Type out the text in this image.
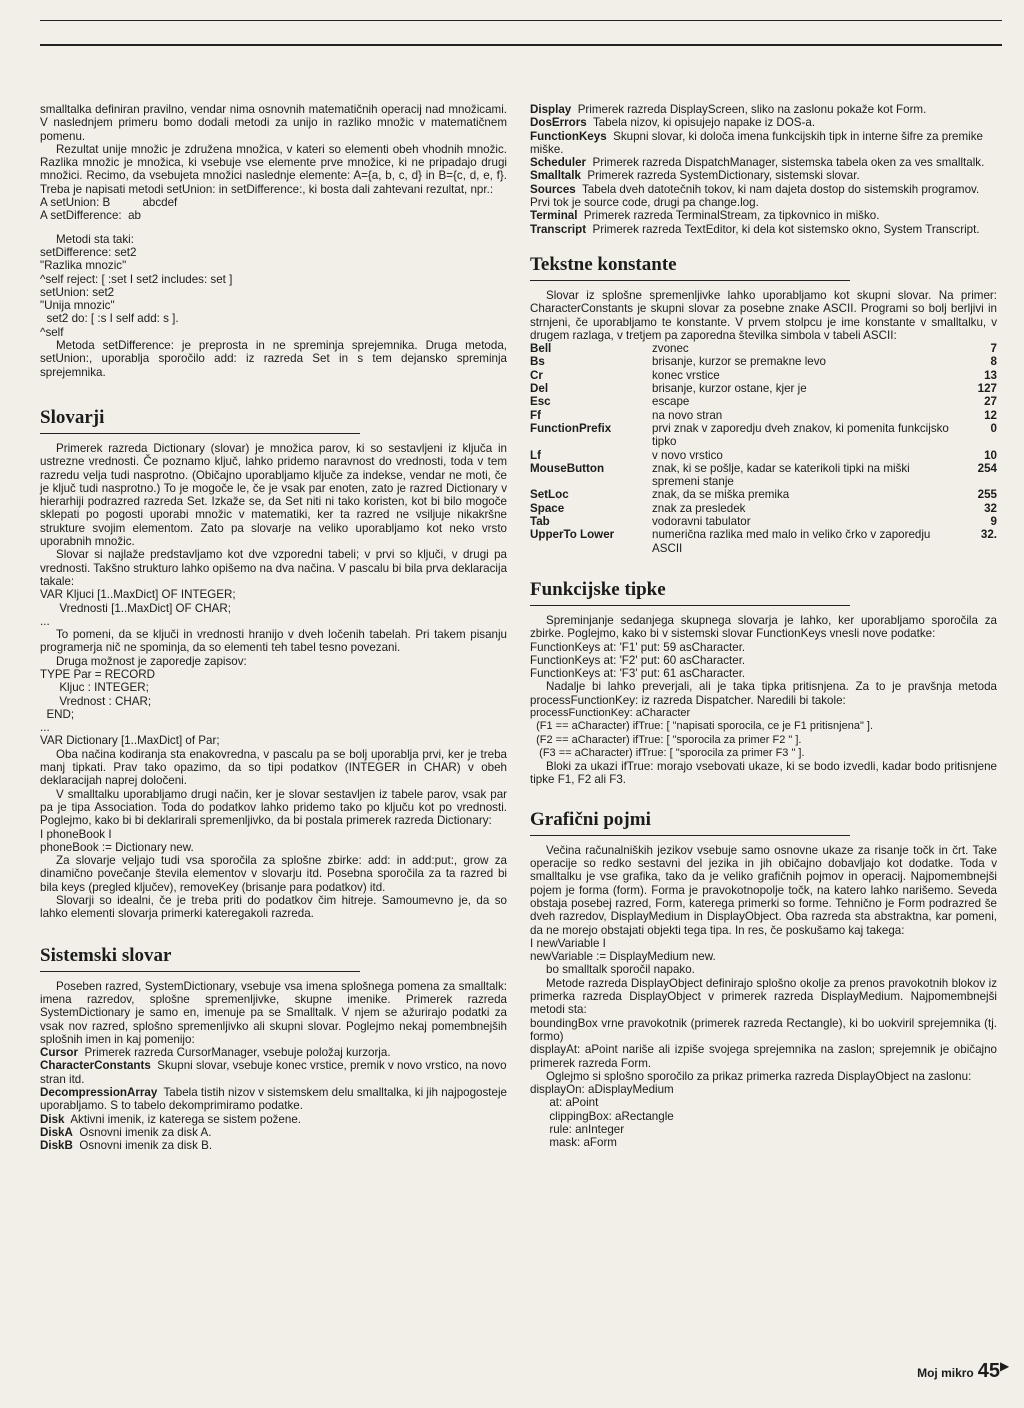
smalltalka definiran pravilno, vendar nima osnovnih matematičnih operacij nad množicami. V naslednjem primeru bomo dodali metodi za unijo in razliko množic v matematičnem pomenu.

Rezultat unije množic je združena množica, v kateri so elementi obeh vhodnih množic. Razlika množic je množica, ki vsebuje vse elemente prve množice, ki ne pripadajo drugi množici. Recimo, da vsebujeta množici naslednje elemente: A={a, b, c, d} in B={c, d, e, f}. Treba je napisati metodi setUnion: in setDifference:, ki bosta dali zahtevani rezultat, npr.:

A setUnion: B          abcdef
A setDifference:  ab

Metodi sta taki:
setDifference: set2
"Razlika mnozic"
^self reject: [ :set I set2 includes: set ]
setUnion: set2
"Unija mnozic"
set2 do: [ :s I self add: s ].
^self

Metoda setDifference: je preprosta in ne spreminja sprejemnika. Druga metoda, setUnion:, uporablja sporočilo add: iz razreda Set in s tem dejansko spreminja sprejemnika.

Slovarji

Primerek razreda Dictionary (slovar) je množica parov, ki so sestavljeni iz ključa in ustrezne vrednosti. Če poznamo ključ, lahko pridemo naravnost do vrednosti, toda v tem razredu velja tudi nasprotno. (Običajno uporabljamo ključe za indekse, vendar ne moti, če je ključ tudi nasprotno.) To je mogoče le, če je vsak par enoten, zato je razred Dictionary v hierarhiji podrazred razreda Set. Izkaže se, da Set niti ni tako koristen, kot bi bilo mogoče sklepati po pogosti uporabi množic v matematiki, ker ta razred ne vsiljuje nikakršne strukture svojim elementom. Zato pa slovarje na veliko uporabljamo kot neko vrsto uporabnih množic.

Slovar si najlaže predstavljamo kot dve vzporedni tabeli; v prvi so ključi, v drugi pa vrednosti. Takšno strukturo lahko opišemo na dva načina. V pascalu bi bila prva deklaracija takale:

VAR Kljuci [1..MaxDict] OF INTEGER;
Vrednosti [1..MaxDict] OF CHAR;
...

To pomeni, da se ključi in vrednosti hranijo v dveh ločenih tabelah. Pri takem pisanju programerja nič ne spominja, da so elementi teh tabel tesno povezani.

Druga možnost je zaporedje zapisov:

TYPE Par = RECORD
Kljuc : INTEGER;
Vrednost : CHAR;
END;
...
VAR Dictionary [1..MaxDict] of Par;

Oba načina kodiranja sta enakovredna, v pascalu pa se bolj uporablja prvi, ker je treba manj tipkati. Prav tako opazimo, da so tipi podatkov (INTEGER in CHAR) v obeh deklaracijah naprej določeni.

V smalltalku uporabljamo drugi način, ker je slovar sestavljen iz tabele parov, vsak par pa je tipa Association. Toda do podatkov lahko pridemo tako po ključu kot po vrednosti. Poglejmo, kako bi bi deklarirali spremenljivko, da bi postala primerek razreda Dictionary:

I phoneBook I
phoneBook := Dictionary new.

Za slovarje veljajo tudi vsa sporočila za splošne zbirke: add: in add:put:, grow za dinamično povečanje števila elementov v slovarju itd. Posebna sporočila za ta razred bi bila keys (pregled ključev), removeKey (brisanje para podatkov) itd.

Slovarji so idealni, če je treba priti do podatkov čim hitreje. Samoumevno je, da so lahko elementi slovarja primerki kateregakoli razreda.

Sistemski slovar

Poseben razred, SystemDictionary, vsebuje vsa imena splošnega pomena za smalltalk: imena razredov, splošne spremenljivke, skupne imenike. Primerek razreda SystemDictionary je samo en, imenuje pa se Smalltalk. V njem se ažurirajo podatki za vsak nov razred, splošno spremenljivko ali skupni slovar. Poglejmo nekaj pomembnejših splošnih imen in kaj pomenijo:

Cursor Primerek razreda CursorManager, vsebuje položaj kurzorja.
CharacterConstants Skupni slovar, vsebuje konec vrstice, premik v novo vrstico, na novo stran itd.
DecompressionArray Tabela tistih nizov v sistemskem delu smalltalka, ki jih najpogosteje uporabljamo. S to tabelo dekomprimiramo podatke.
Disk Aktivni imenik, iz katerega se sistem požene.
DiskA Osnovni imenik za disk A.
DiskB Osnovni imenik za disk B.
Display Primerek razreda DisplayScreen, sliko na zaslonu pokaže kot Form.
DosErrors Tabela nizov, ki opisujejo napake iz DOS-a.
FunctionKeys Skupni slovar, ki določa imena funkcijskih tipk in interne šifre za premike miške.
Scheduler Primerek razreda DispatchManager, sistemska tabela oken za ves smalltalk.
Smalltalk Primerek razreda SystemDictionary, sistemski slovar.
Sources Tabela dveh datotečnih tokov, ki nam dajeta dostop do sistemskih programov. Prvi tok je source code, drugi pa change.log.
Terminal Primerek razreda TerminalStream, za tipkovnico in miško.
Transcript Primerek razreda TextEditor, ki dela kot sistemsko okno, System Transcript.
Tekstne konstante

Slovar iz splošne spremenljivke lahko uporabljamo kot skupni slovar. Na primer: CharacterConstants je skupni slovar za posebne znake ASCII. Programi so bolj berljivi in strnjeni, če uporabljamo te konstante. V prvem stolpcu je ime konstante v smalltalku, v drugem razlaga, v tretjem pa zaporedna številka simbola v tabeli ASCII:

Bell	zvonec	7
Bs	brisanje, kurzor se premakne levo	8
Cr	konec vrstice	13
Del	brisanje, kurzor ostane, kjer je	127
Esc	escape	27
Ff	na novo stran	12
FunctionPrefix	prvi znak v zaporedju dveh znakov, ki pomenita funkcijsko tipko	0
Lf	v novo vrstico	10
MouseButton	znak, ki se pošlje, kadar se katerikoli tipki na miški spremeni stanje	254
SetLoc	znak, da se miška premika	255
Space	znak za presledek	32
Tab	vodoravni tabulator	9
UpperTo Lower	numerična razlika med malo in veliko črko v zaporedju ASCII	32.
Funkcijske tipke

Spreminjanje sedanjega skupnega slovarja je lahko, ker uporabljamo sporočila za zbirke. Poglejmo, kako bi v sistemski slovar FunctionKeys vnesli nove podatke:

FunctionKeys at: 'F1' put: 59 asCharacter.
FunctionKeys at: 'F2' put: 60 asCharacter.
FunctionKeys at: 'F3' put: 61 asCharacter.

Nadalje bi lahko preverjali, ali je taka tipka pritisnjena. Za to je pravšnja metoda processFunctionKey: iz razreda Dispatcher. Naredili bi takole:

processFunctionKey: aCharacter
(F1 == aCharacter) ifTrue: [ "napisati sporocila, ce je F1 pritisnjena" ].
(F2 == aCharacter) ifTrue: [ "sporocila za primer F2 " ].
(F3 == aCharacter) ifTrue: [ "sporocila za primer F3 " ].

Bloki za ukazi ifTrue: morajo vsebovati ukaze, ki se bodo izvedli, kadar bodo pritisnjene tipke F1, F2 ali F3.

Grafični pojmi

Večina računalniških jezikov vsebuje samo osnovne ukaze za risanje točk in črt. Take operacije so redko sestavni del jezika in jih običajno dobavljajo kot dodatke. Toda v smalltalku je vse grafika, tako da je veliko grafičnih pojmov in operacij. Najpomembnejši pojem je forma (form). Forma je pravokotnopolje točk, na katero lahko narišemo. Seveda obstaja posebej razred, Form, katerega primerki so forme. Tehnično je Form podrazred še dveh razredov, DisplayMedium in DisplayObject. Oba razreda sta abstraktna, kar pomeni, da ne morejo obstajati objekti tega tipa. In res, če poskušamo kaj takega:

I newVariable I
newVariable := DisplayMedium new.

bo smalltalk sporočil napako.

Metode razreda DisplayObject definirajo splošno okolje za prenos pravokotnih blokov iz primerka razreda DisplayObject v primerek razreda DisplayMedium. Najpomembnejši metodi sta:

boundingBox vrne pravokotnik (primerek razreda Rectangle), ki bo uokviril sprejemnika (tj. formo)

displayAt: aPoint nariše ali izpiše svojega sprejemnika na zaslon; sprejemnik je običajno primerek razreda Form.

Oglejmo si splošno sporočilo za prikaz primerka razreda DisplayObject na zaslonu:

displayOn: aDisplayMedium
at: aPoint
clippingBox: aRectangle
rule: anInteger
mask: aForm

▶
Moj mikro 45
